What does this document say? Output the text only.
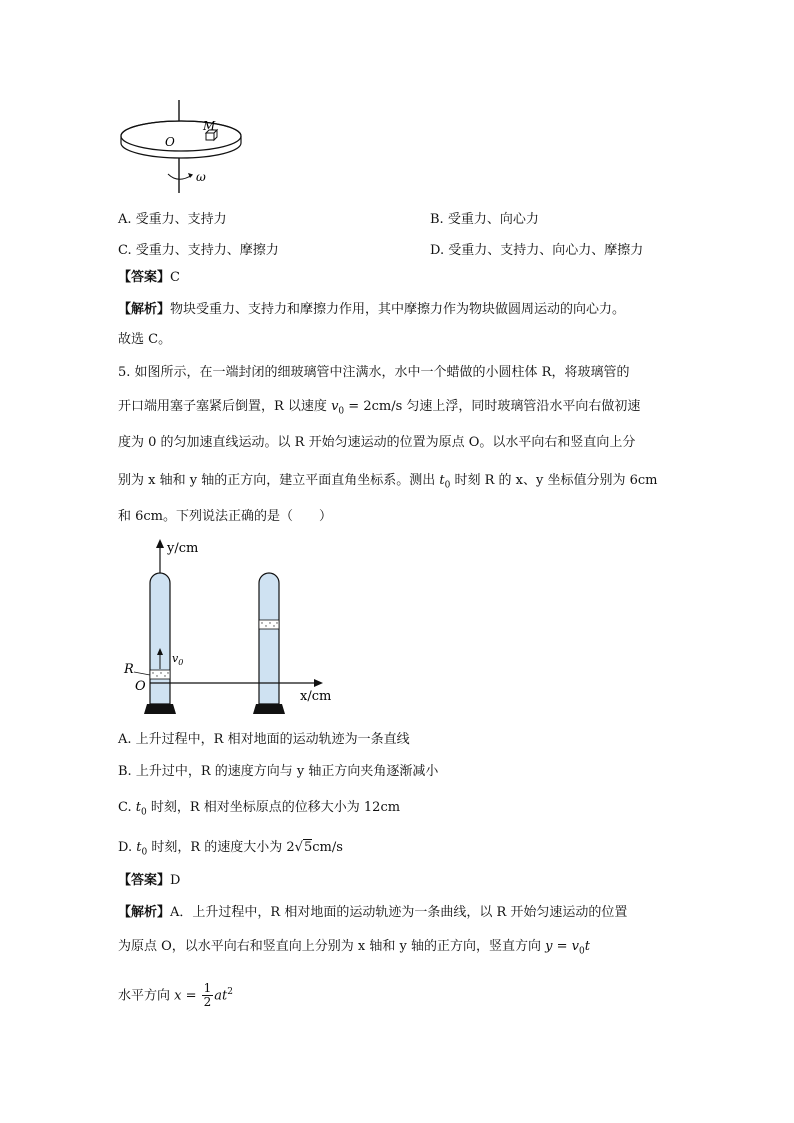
M
O
ω
A. 受重力、支持力	B. 受重力、向心力
C. 受重力、支持力、摩擦力	D. 受重力、支持力、向心力、摩擦力
【答案】C
【解析】物块受重力、支持力和摩擦力作用，其中摩擦力作为物块做圆周运动的向心力。
故选 C。
5. 如图所示，在一端封闭的细玻璃管中注满水，水中一个蜡做的小圆柱体 R，将玻璃管的
开口端用塞子塞紧后倒置，R 以速度 $v_0 = 2cm/s$ 匀速上浮，同时玻璃管沿水平向右做初速
度为 0 的匀加速直线运动。以 R 开始匀速运动的位置为原点 O。以水平向右和竖直向上分
别为 x 轴和 y 轴的正方向，建立平面直角坐标系。测出 $t_0$ 时刻 R 的 x、y 坐标值分别为 6cm
和 6cm。下列说法正确的是（　　）
y/cm
$v_0$
R
O
x/cm
A. 上升过程中，R 相对地面的运动轨迹为一条直线
B. 上升过中，R 的速度方向与 y 轴正方向夹角逐渐减小
C. $t_0$ 时刻，R 相对坐标原点的位移大小为 12cm
D. $t_0$ 时刻，R 的速度大小为 2√5cm/s
【答案】D
【解析】A．上升过程中，R 相对地面的运动轨迹为一条曲线，以 R 开始匀速运动的位置
为原点 O，以水平向右和竖直向上分别为 x 轴和 y 轴的正方向，竖直方向 $y = v_0t$
水平方向 $x = \frac{1}{2} at^2$
